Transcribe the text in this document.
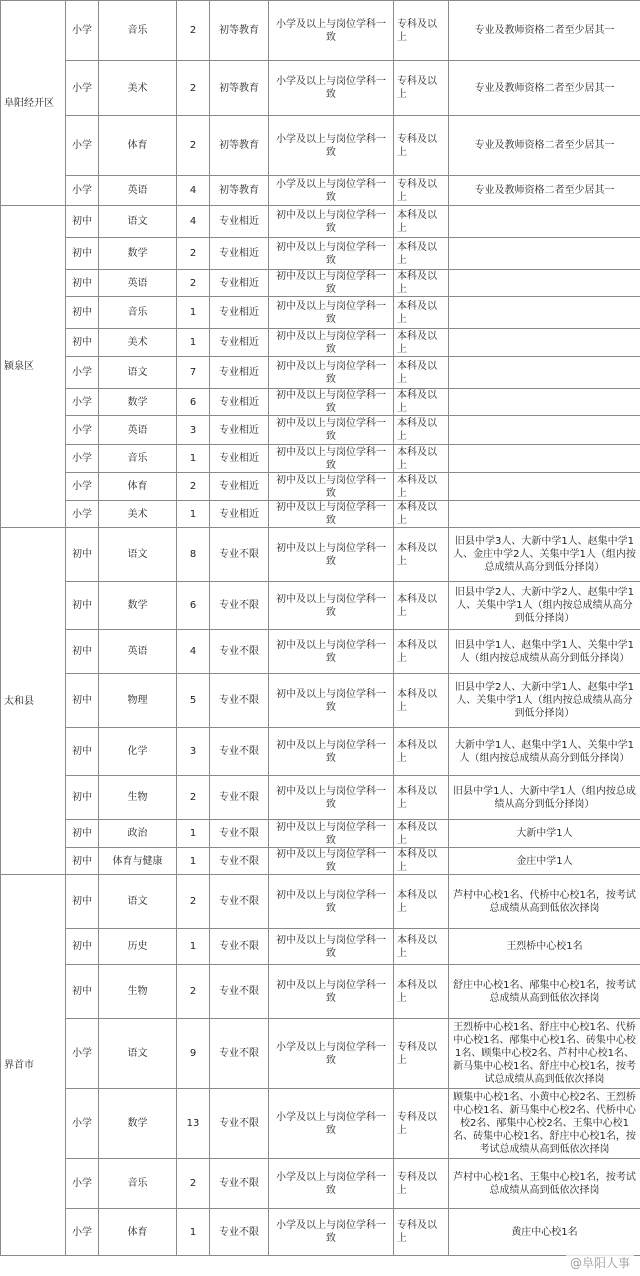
阜阳经开区	小学	音乐	2	初等教育	小学及以上与岗位学科一致	专科及以上	专业及教师资格二者至少居其一
	小学	美术	2	初等教育	小学及以上与岗位学科一致	专科及以上	专业及教师资格二者至少居其一
	小学	体育	2	初等教育	小学及以上与岗位学科一致	专科及以上	专业及教师资格二者至少居其一
	小学	英语	4	初等教育	小学及以上与岗位学科一致	专科及以上	专业及教师资格二者至少居其一
颍泉区	初中	语文	4	专业相近	初中及以上与岗位学科一致	本科及以上	
	初中	数学	2	专业相近	初中及以上与岗位学科一致	本科及以上	
	初中	英语	2	专业相近	初中及以上与岗位学科一致	本科及以上	
	初中	音乐	1	专业相近	初中及以上与岗位学科一致	本科及以上	
	初中	美术	1	专业相近	初中及以上与岗位学科一致	本科及以上	
	小学	语文	7	专业相近	初中及以上与岗位学科一致	本科及以上	
	小学	数学	6	专业相近	初中及以上与岗位学科一致	本科及以上	
	小学	英语	3	专业相近	初中及以上与岗位学科一致	本科及以上	
	小学	音乐	1	专业相近	初中及以上与岗位学科一致	本科及以上	
	小学	体育	2	专业相近	初中及以上与岗位学科一致	本科及以上	
	小学	美术	1	专业相近	初中及以上与岗位学科一致	本科及以上	
太和县	初中	语文	8	专业不限	初中及以上与岗位学科一致	本科及以上	旧县中学3人、大新中学1人、赵集中学1人、金庄中学2人、关集中学1人（组内按总成绩从高分到低分择岗）
	初中	数学	6	专业不限	初中及以上与岗位学科一致	本科及以上	旧县中学2人、大新中学2人、赵集中学1人、关集中学1人（组内按总成绩从高分到低分择岗）
	初中	英语	4	专业不限	初中及以上与岗位学科一致	本科及以上	旧县中学1人、赵集中学1人、关集中学1人（组内按总成绩从高分到低分择岗）
	初中	物理	5	专业不限	初中及以上与岗位学科一致	本科及以上	旧县中学2人、大新中学1人、赵集中学1人、关集中学1人（组内按总成绩从高分到低分择岗）
	初中	化学	3	专业不限	初中及以上与岗位学科一致	本科及以上	大新中学1人、赵集中学1人、关集中学1人（组内按总成绩从高分到低分择岗）
	初中	生物	2	专业不限	初中及以上与岗位学科一致	本科及以上	旧县中学1人、大新中学1人（组内按总成绩从高分到低分择岗）
	初中	政治	1	专业不限	初中及以上与岗位学科一致	本科及以上	大新中学1人
	初中	体育与健康	1	专业不限	初中及以上与岗位学科一致	本科及以上	金庄中学1人
界首市	初中	语文	2	专业不限	初中及以上与岗位学科一致	本科及以上	芦村中心校1名、代桥中心校1名，按考试总成绩从高到低依次择岗
	初中	历史	1	专业不限	初中及以上与岗位学科一致	本科及以上	王烈桥中心校1名
	初中	生物	2	专业不限	初中及以上与岗位学科一致	本科及以上	舒庄中心校1名、邴集中心校1名，按考试总成绩从高到低依次择岗
	小学	语文	9	专业不限	小学及以上与岗位学科一致	专科及以上	王烈桥中心校1名、舒庄中心校1名、代桥中心校1名、邴集中心校1名、砖集中心校1名、顾集中心校2名、芦村中心校1名、新马集中心校1名、舒庄中心校1名，按考试总成绩从高到低依次择岗
	小学	数学	13	专业不限	小学及以上与岗位学科一致	专科及以上	顾集中心校1名、小黄中心校2名、王烈桥中心校1名、新马集中心校2名、代桥中心校2名、邴集中心校2名、王集中心校1名、砖集中心校1名、舒庄中心校1名，按考试总成绩从高到低依次择岗
	小学	音乐	2	专业不限	小学及以上与岗位学科一致	专科及以上	芦村中心校1名、王集中心校1名，按考试总成绩从高到低依次择岗
	小学	体育	1	专业不限	小学及以上与岗位学科一致	专科及以上	黄庄中心校1名
@阜阳人事
